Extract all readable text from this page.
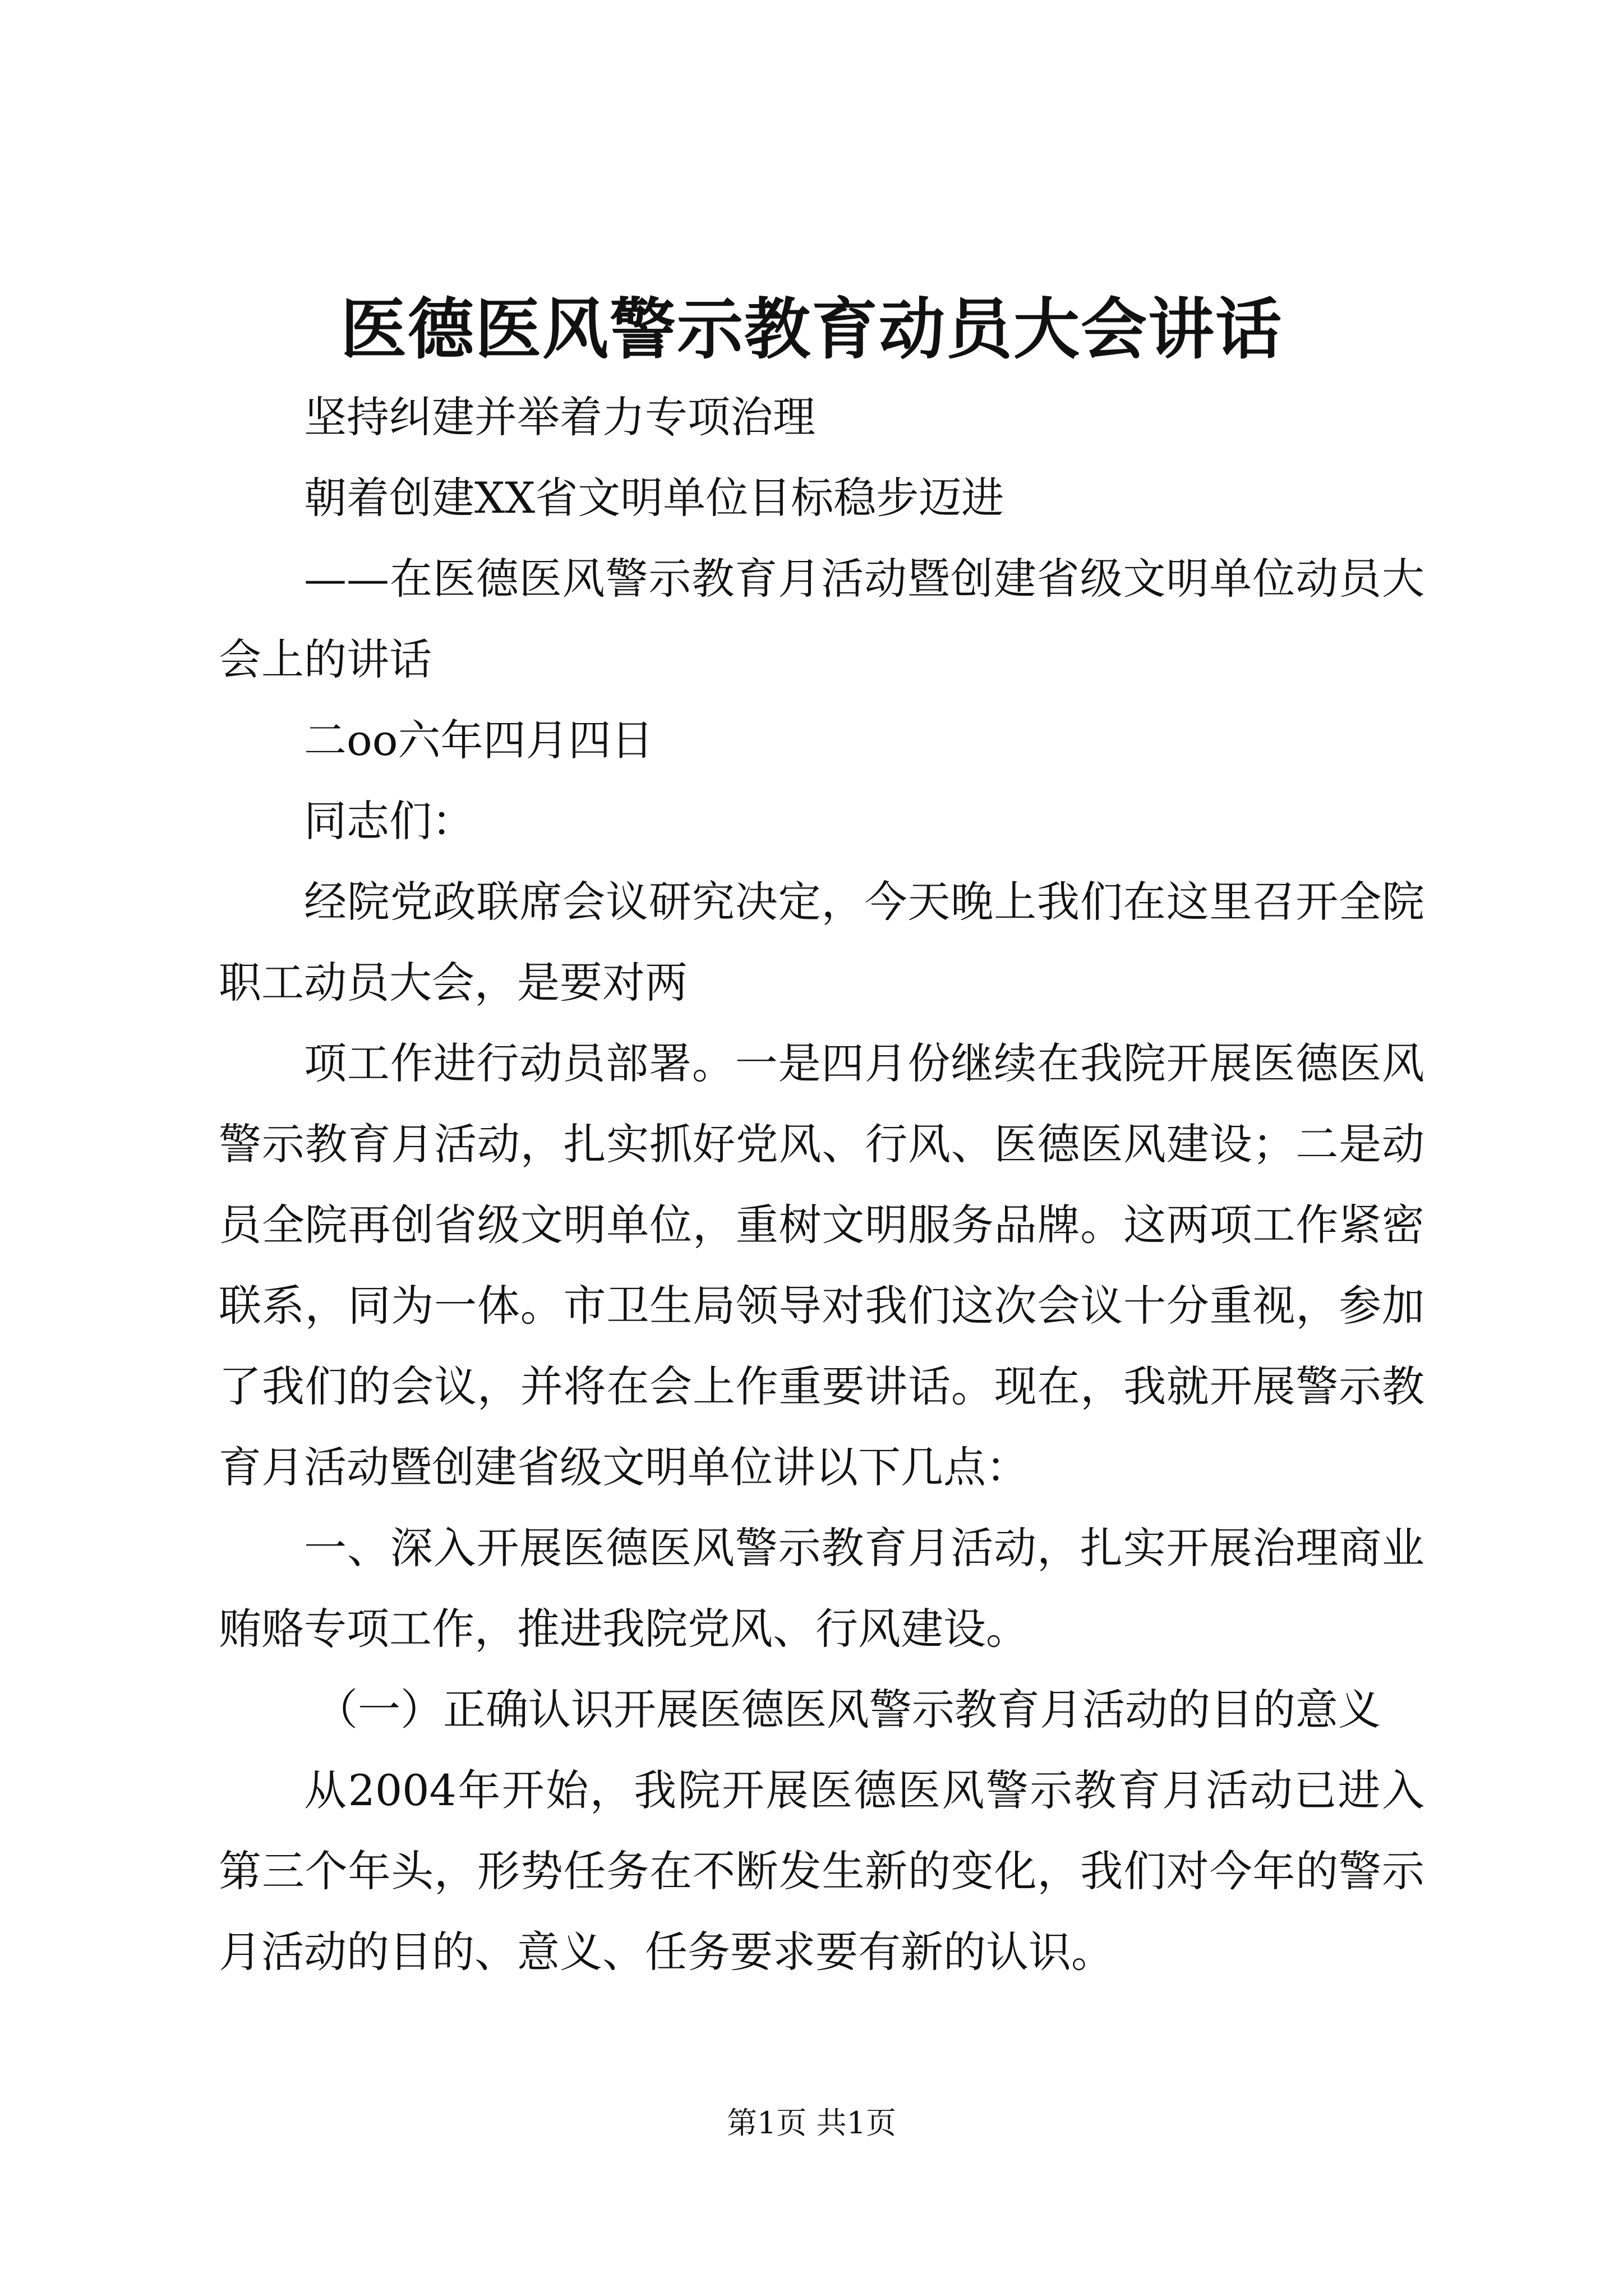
医德医风警示教育动员大会讲话

坚持纠建并举着力专项治理

朝着创建XX省文明单位目标稳步迈进

——在医德医风警示教育月活动暨创建省级文明单位动员大会上的讲话

二oo六年四月四日

同志们：

经院党政联席会议研究决定，今天晚上我们在这里召开全院职工动员大会，是要对两

项工作进行动员部署。一是四月份继续在我院开展医德医风警示教育月活动，扎实抓好党风、行风、医德医风建设；二是动员全院再创省级文明单位，重树文明服务品牌。这两项工作紧密联系，同为一体。市卫生局领导对我们这次会议十分重视，参加了我们的会议，并将在会上作重要讲话。现在，我就开展警示教育月活动暨创建省级文明单位讲以下几点：

一、深入开展医德医风警示教育月活动，扎实开展治理商业贿赂专项工作，推进我院党风、行风建设。

（一）正确认识开展医德医风警示教育月活动的目的意义

从2004年开始，我院开展医德医风警示教育月活动已进入第三个年头，形势任务在不断发生新的变化，我们对今年的警示月活动的目的、意义、任务要求要有新的认识。

第1页 共1页
